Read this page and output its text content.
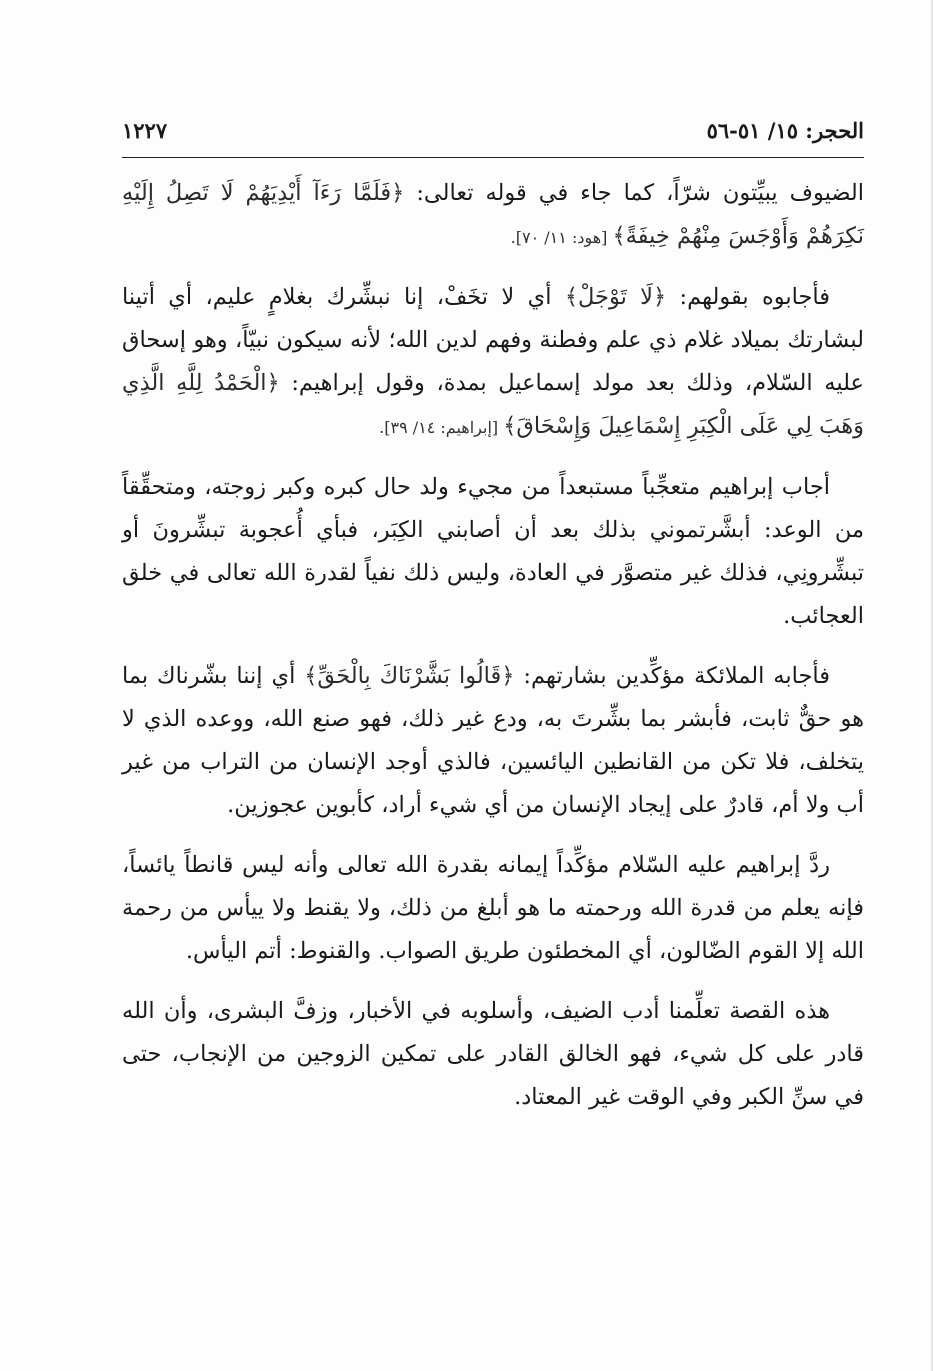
الحجر: ١٥/ ٥١-٥٦
١٢٢٧

الضيوف يبيِّتون شرّاً، كما جاء في قوله تعالى: ﴿فَلَمَّا رَءَآ أَيْدِيَهُمْ لَا تَصِلُ إِلَيْهِ نَكِرَهُمْ وَأَوْجَسَ مِنْهُمْ خِيفَةً﴾ [هود: ١١/ ٧٠].

فأجابوه بقولهم: ﴿لَا تَوْجَلْ﴾ أي لا تخَفْ، إنا نبشِّرك بغلامٍ عليم، أي أتينا لبشارتك بميلاد غلام ذي علم وفطنة وفهم لدين الله؛ لأنه سيكون نبيّاً، وهو إسحاق عليه السّلام، وذلك بعد مولد إسماعيل بمدة، وقول إبراهيم: ﴿الْحَمْدُ لِلَّهِ الَّذِي وَهَبَ لِي عَلَى الْكِبَرِ إِسْمَاعِيلَ وَإِسْحَاقَ﴾ [إبراهيم: ١٤/ ٣٩].

أجاب إبراهيم متعجِّباً مستبعداً من مجيء ولد حال كبره وكبر زوجته، ومتحقِّقاً من الوعد: أبشَّرتموني بذلك بعد أن أصابني الكِبَر، فبأي أُعجوبة تبشِّرونَ أو تبشِّرونِي، فذلك غير متصوَّر في العادة، وليس ذلك نفياً لقدرة الله تعالى في خلق العجائب.

فأجابه الملائكة مؤكِّدين بشارتهم: ﴿قَالُوا بَشَّرْنَاكَ بِالْحَقِّ﴾ أي إننا بشّرناك بما هو حقٌّ ثابت، فأبشر بما بشِّرتَ به، ودع غير ذلك، فهو صنع الله، ووعده الذي لا يتخلف، فلا تكن من القانطين اليائسين، فالذي أوجد الإنسان من التراب من غير أب ولا أم، قادرٌ على إيجاد الإنسان من أي شيء أراد، كأبوين عجوزين.

ردَّ إبراهيم عليه السّلام مؤكِّداً إيمانه بقدرة الله تعالى وأنه ليس قانطاً يائساً، فإنه يعلم من قدرة الله ورحمته ما هو أبلغ من ذلك، ولا يقنط ولا ييأس من رحمة الله إلا القوم الضّالون، أي المخطئون طريق الصواب. والقنوط: أتم اليأس.

هذه القصة تعلِّمنا أدب الضيف، وأسلوبه في الأخبار، وزفَّ البشرى، وأن الله قادر على كل شيء، فهو الخالق القادر على تمكين الزوجين من الإنجاب، حتى في سنِّ الكبر وفي الوقت غير المعتاد.
